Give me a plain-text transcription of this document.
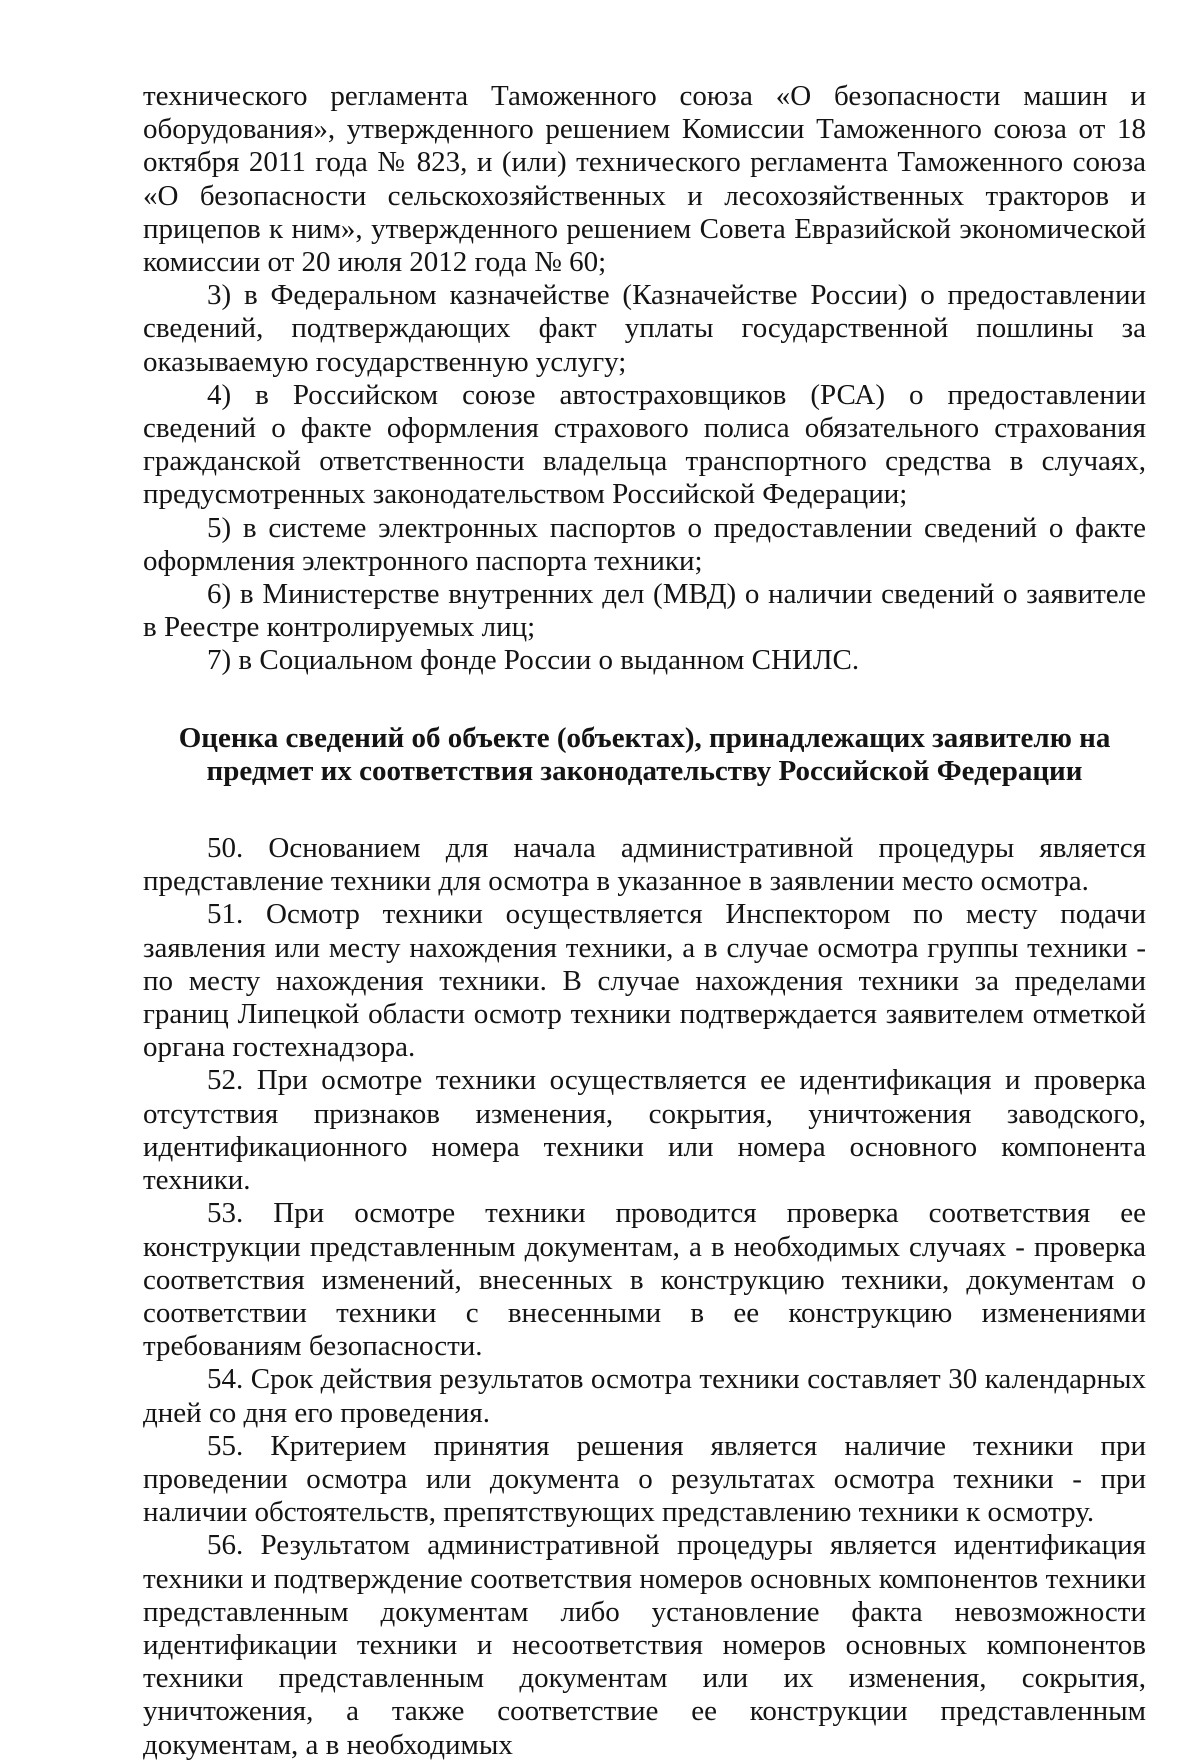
технического регламента Таможенного союза «О безопасности машин и оборудования», утвержденного решением Комиссии Таможенного союза от 18 октября 2011 года № 823, и (или) технического регламента Таможенного союза «О безопасности сельскохозяйственных и лесохозяйственных тракторов и прицепов к ним», утвержденного решением Совета Евразийской экономической комиссии от 20 июля 2012 года № 60;

3) в Федеральном казначействе (Казначействе России) о предоставлении сведений, подтверждающих факт уплаты государственной пошлины за оказываемую государственную услугу;

4) в Российском союзе автостраховщиков (РСА) о предоставлении сведений о факте оформления страхового полиса обязательного страхования гражданской ответственности владельца транспортного средства в случаях, предусмотренных законодательством Российской Федерации;

5) в системе электронных паспортов о предоставлении сведений о факте оформления электронного паспорта техники;

6) в Министерстве внутренних дел (МВД) о наличии сведений о заявителе в Реестре контролируемых лиц;

7) в Социальном фонде России о выданном СНИЛС.

Оценка сведений об объекте (объектах), принадлежащих заявителю на
предмет их соответствия законодательству Российской Федерации

50. Основанием для начала административной процедуры является представление техники для осмотра в указанное в заявлении место осмотра.

51. Осмотр техники осуществляется Инспектором по месту подачи заявления или месту нахождения техники, а в случае осмотра группы техники - по месту нахождения техники. В случае нахождения техники за пределами границ Липецкой области осмотр техники подтверждается заявителем отметкой органа гостехнадзора.

52. При осмотре техники осуществляется ее идентификация и проверка отсутствия признаков изменения, сокрытия, уничтожения заводского, идентификационного номера техники или номера основного компонента техники.

53. При осмотре техники проводится проверка соответствия ее конструкции представленным документам, а в необходимых случаях - проверка соответствия изменений, внесенных в конструкцию техники, документам о соответствии техники с внесенными в ее конструкцию изменениями требованиям безопасности.

54. Срок действия результатов осмотра техники составляет 30 календарных дней со дня его проведения.

55. Критерием принятия решения является наличие техники при проведении осмотра или документа о результатах осмотра техники - при наличии обстоятельств, препятствующих представлению техники к осмотру.

56. Результатом административной процедуры является идентификация техники и подтверждение соответствия номеров основных компонентов техники представленным документам либо установление факта невозможности идентификации техники и несоответствия номеров основных компонентов техники представленным документам или их изменения, сокрытия, уничтожения, а также соответствие ее конструкции представленным документам, а в необходимых
